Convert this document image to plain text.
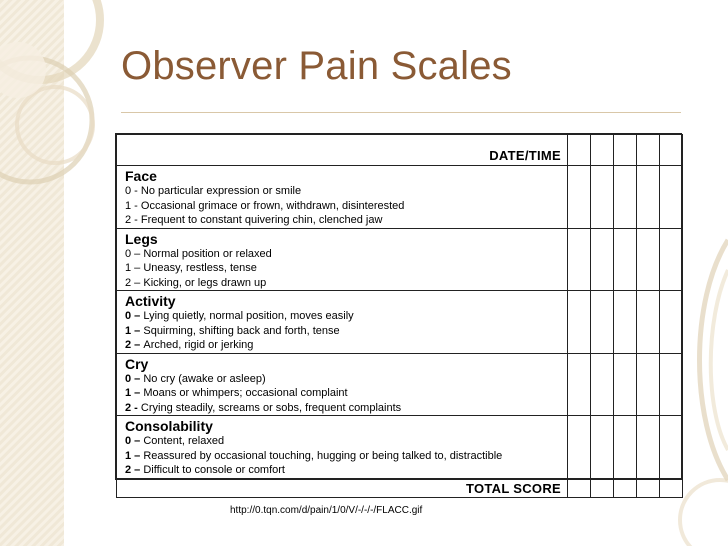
Observer Pain Scales
DATE/TIME					

Face
0 - No particular expression or smile
1 - Occasional grimace or frown, withdrawn, disinterested
2 - Frequent to constant quivering chin, clenched jaw					

Legs
0 – Normal position or relaxed
1 – Uneasy, restless, tense
2 – Kicking, or legs drawn up					

Activity
0 – Lying quietly, normal position, moves easily
1 – Squirming, shifting back and forth, tense
2 – Arched, rigid or jerking					

Cry
0 – No cry (awake or asleep)
1 – Moans or whimpers; occasional complaint
2 - Crying steadily, screams or sobs, frequent complaints					

Consolability
0 – Content, relaxed
1 – Reassured by occasional touching, hugging or being talked to, distractible
2 – Difficult to console or comfort					

TOTAL SCORE					

http://0.tqn.com/d/pain/1/0/V/-/-/-/FLACC.gif
